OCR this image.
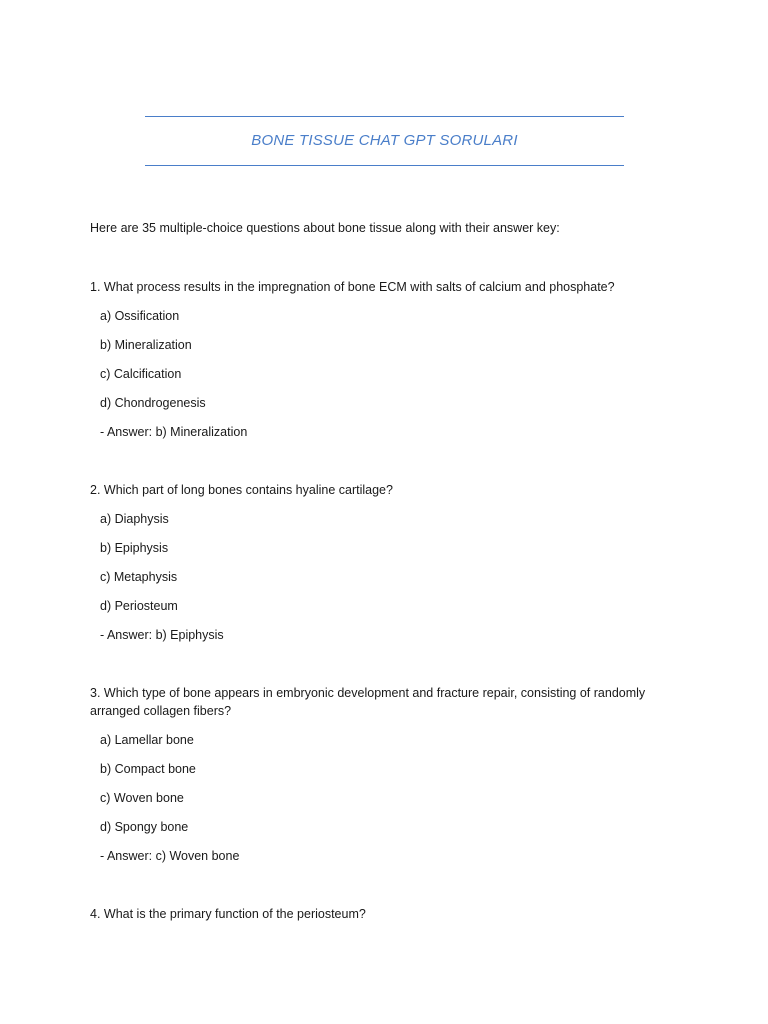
BONE TISSUE CHAT GPT SORULARI

Here are 35 multiple-choice questions about bone tissue along with their answer key:

1. What process results in the impregnation of bone ECM with salts of calcium and phosphate?

a) Ossification

b) Mineralization

c) Calcification

d) Chondrogenesis

- Answer: b) Mineralization

2. Which part of long bones contains hyaline cartilage?

a) Diaphysis

b) Epiphysis

c) Metaphysis

d) Periosteum

- Answer: b) Epiphysis

3. Which type of bone appears in embryonic development and fracture repair, consisting of randomly arranged collagen fibers?

a) Lamellar bone

b) Compact bone

c) Woven bone

d) Spongy bone

- Answer: c) Woven bone

4. What is the primary function of the periosteum?
